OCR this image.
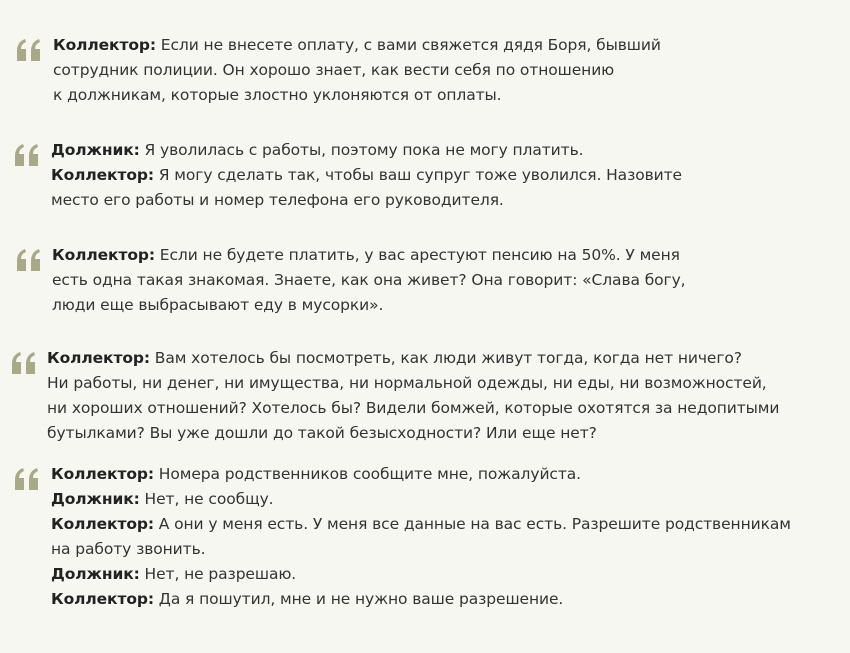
Коллектор: Если не внесете оплату, с вами свяжется дядя Боря, бывший
сотрудник полиции. Он хорошо знает, как вести себя по отношению
к должникам, которые злостно уклоняются от оплаты.
Должник: Я уволилась с работы, поэтому пока не могу платить.
Коллектор: Я могу сделать так, чтобы ваш супруг тоже уволился. Назовите
место его работы и номер телефона его руководителя.
Коллектор: Если не будете платить, у вас арестуют пенсию на 50%. У меня
есть одна такая знакомая. Знаете, как она живет? Она говорит: «Слава богу,
люди еще выбрасывают еду в мусорки».
Коллектор: Вам хотелось бы посмотреть, как люди живут тогда, когда нет ничего?
Ни работы, ни денег, ни имущества, ни нормальной одежды, ни еды, ни возможностей,
ни хороших отношений? Хотелось бы? Видели бомжей, которые охотятся за недопитыми
бутылками? Вы уже дошли до такой безысходности? Или еще нет?
Коллектор: Номера родственников сообщите мне, пожалуйста.
Должник: Нет, не сообщу.
Коллектор: А они у меня есть. У меня все данные на вас есть. Разрешите родственникам
на работу звонить.
Должник: Нет, не разрешаю.
Коллектор: Да я пошутил, мне и не нужно ваше разрешение.
